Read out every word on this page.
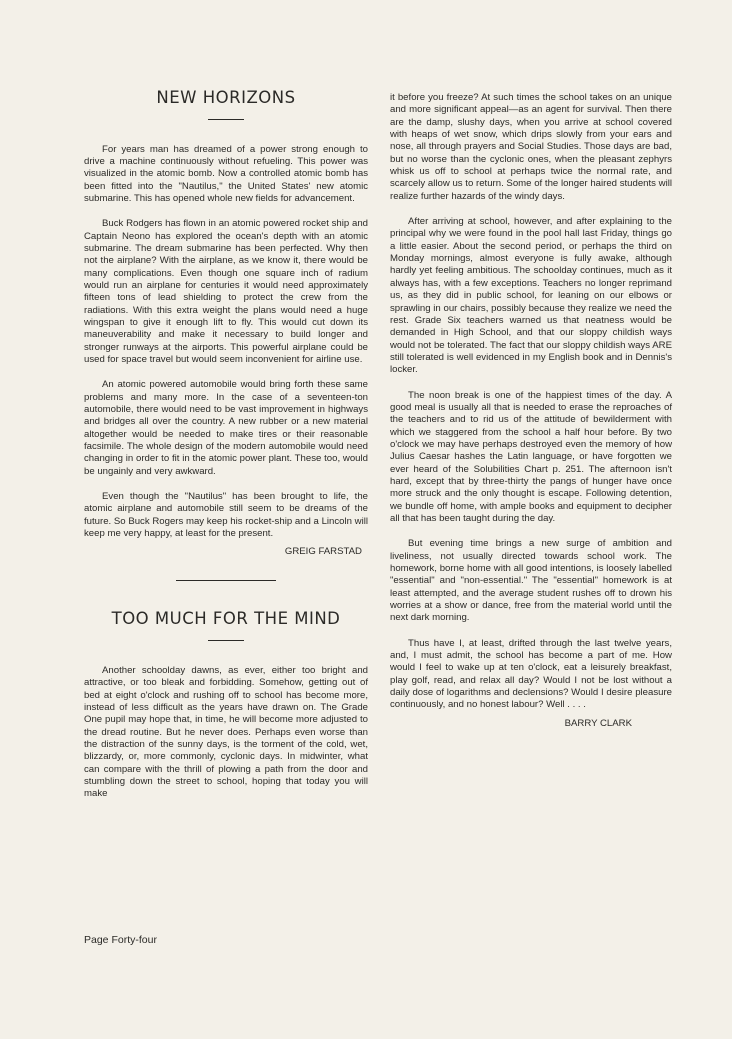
NEW HORIZONS

For years man has dreamed of a power strong enough to drive a machine continuously without refueling. This power was visualized in the atomic bomb. Now a controlled atomic bomb has been fitted into the "Nautilus," the United States' new atomic submarine. This has opened whole new fields for advancement.

Buck Rodgers has flown in an atomic powered rocket ship and Captain Neono has explored the ocean's depth with an atomic submarine. The dream submarine has been perfected. Why then not the airplane? With the airplane, as we know it, there would be many complications. Even though one square inch of radium would run an airplane for centuries it would need approximately fifteen tons of lead shielding to protect the crew from the radiations. With this extra weight the plans would need a huge wingspan to give it enough lift to fly. This would cut down its maneuverability and make it necessary to build longer and stronger runways at the airports. This powerful airplane could be used for space travel but would seem inconvenient for airline use.

An atomic powered automobile would bring forth these same problems and many more. In the case of a seventeen-ton automobile, there would need to be vast improvement in highways and bridges all over the country. A new rubber or a new material altogether would be needed to make tires or their reasonable facsimile. The whole design of the modern automobile would need changing in order to fit in the atomic power plant. These too, would be ungainly and very awkward.

Even though the "Nautilus" has been brought to life, the atomic airplane and automobile still seem to be dreams of the future. So Buck Rogers may keep his rocket-ship and a Lincoln will keep me very happy, at least for the present.

GREIG FARSTAD
TOO MUCH FOR THE MIND

Another schoolday dawns, as ever, either too bright and attractive, or too bleak and forbidding. Somehow, getting out of bed at eight o'clock and rushing off to school has become more, instead of less difficult as the years have drawn on. The Grade One pupil may hope that, in time, he will become more adjusted to the dread routine. But he never does. Perhaps even worse than the distraction of the sunny days, is the torment of the cold, wet, blizzardy, or, more commonly, cyclonic days. In midwinter, what can compare with the thrill of plowing a path from the door and stumbling down the street to school, hoping that today you will make

it before you freeze? At such times the school takes on an unique and more significant appeal—as an agent for survival. Then there are the damp, slushy days, when you arrive at school covered with heaps of wet snow, which drips slowly from your ears and nose, all through prayers and Social Studies. Those days are bad, but no worse than the cyclonic ones, when the pleasant zephyrs whisk us off to school at perhaps twice the normal rate, and scarcely allow us to return. Some of the longer haired students will realize further hazards of the windy days.

After arriving at school, however, and after explaining to the principal why we were found in the pool hall last Friday, things go a little easier. About the second period, or perhaps the third on Monday mornings, almost everyone is fully awake, although hardly yet feeling ambitious. The schoolday continues, much as it always has, with a few exceptions. Teachers no longer reprimand us, as they did in public school, for leaning on our elbows or sprawling in our chairs, possibly because they realize we need the rest. Grade Six teachers warned us that neatness would be demanded in High School, and that our sloppy childish ways would not be tolerated. The fact that our sloppy childish ways ARE still tolerated is well evidenced in my English book and in Dennis's locker.

The noon break is one of the happiest times of the day. A good meal is usually all that is needed to erase the reproaches of the teachers and to rid us of the attitude of bewilderment with which we staggered from the school a half hour before. By two o'clock we may have perhaps destroyed even the memory of how Julius Caesar hashes the Latin language, or have forgotten we ever heard of the Solubilities Chart p. 251. The afternoon isn't hard, except that by three-thirty the pangs of hunger have once more struck and the only thought is escape. Following detention, we bundle off home, with ample books and equipment to decipher all that has been taught during the day.

But evening time brings a new surge of ambition and liveliness, not usually directed towards school work. The homework, borne home with all good intentions, is loosely labelled "essential" and "non-essential." The "essential" homework is at least attempted, and the average student rushes off to drown his worries at a show or dance, free from the material world until the next dark morning.

Thus have I, at least, drifted through the last twelve years, and, I must admit, the school has become a part of me. How would I feel to wake up at ten o'clock, eat a leisurely breakfast, play golf, read, and relax all day? Would I not be lost without a daily dose of logarithms and declensions? Would I desire pleasure continuously, and no honest labour? Well . . . .

BARRY CLARK
Page Forty-four
